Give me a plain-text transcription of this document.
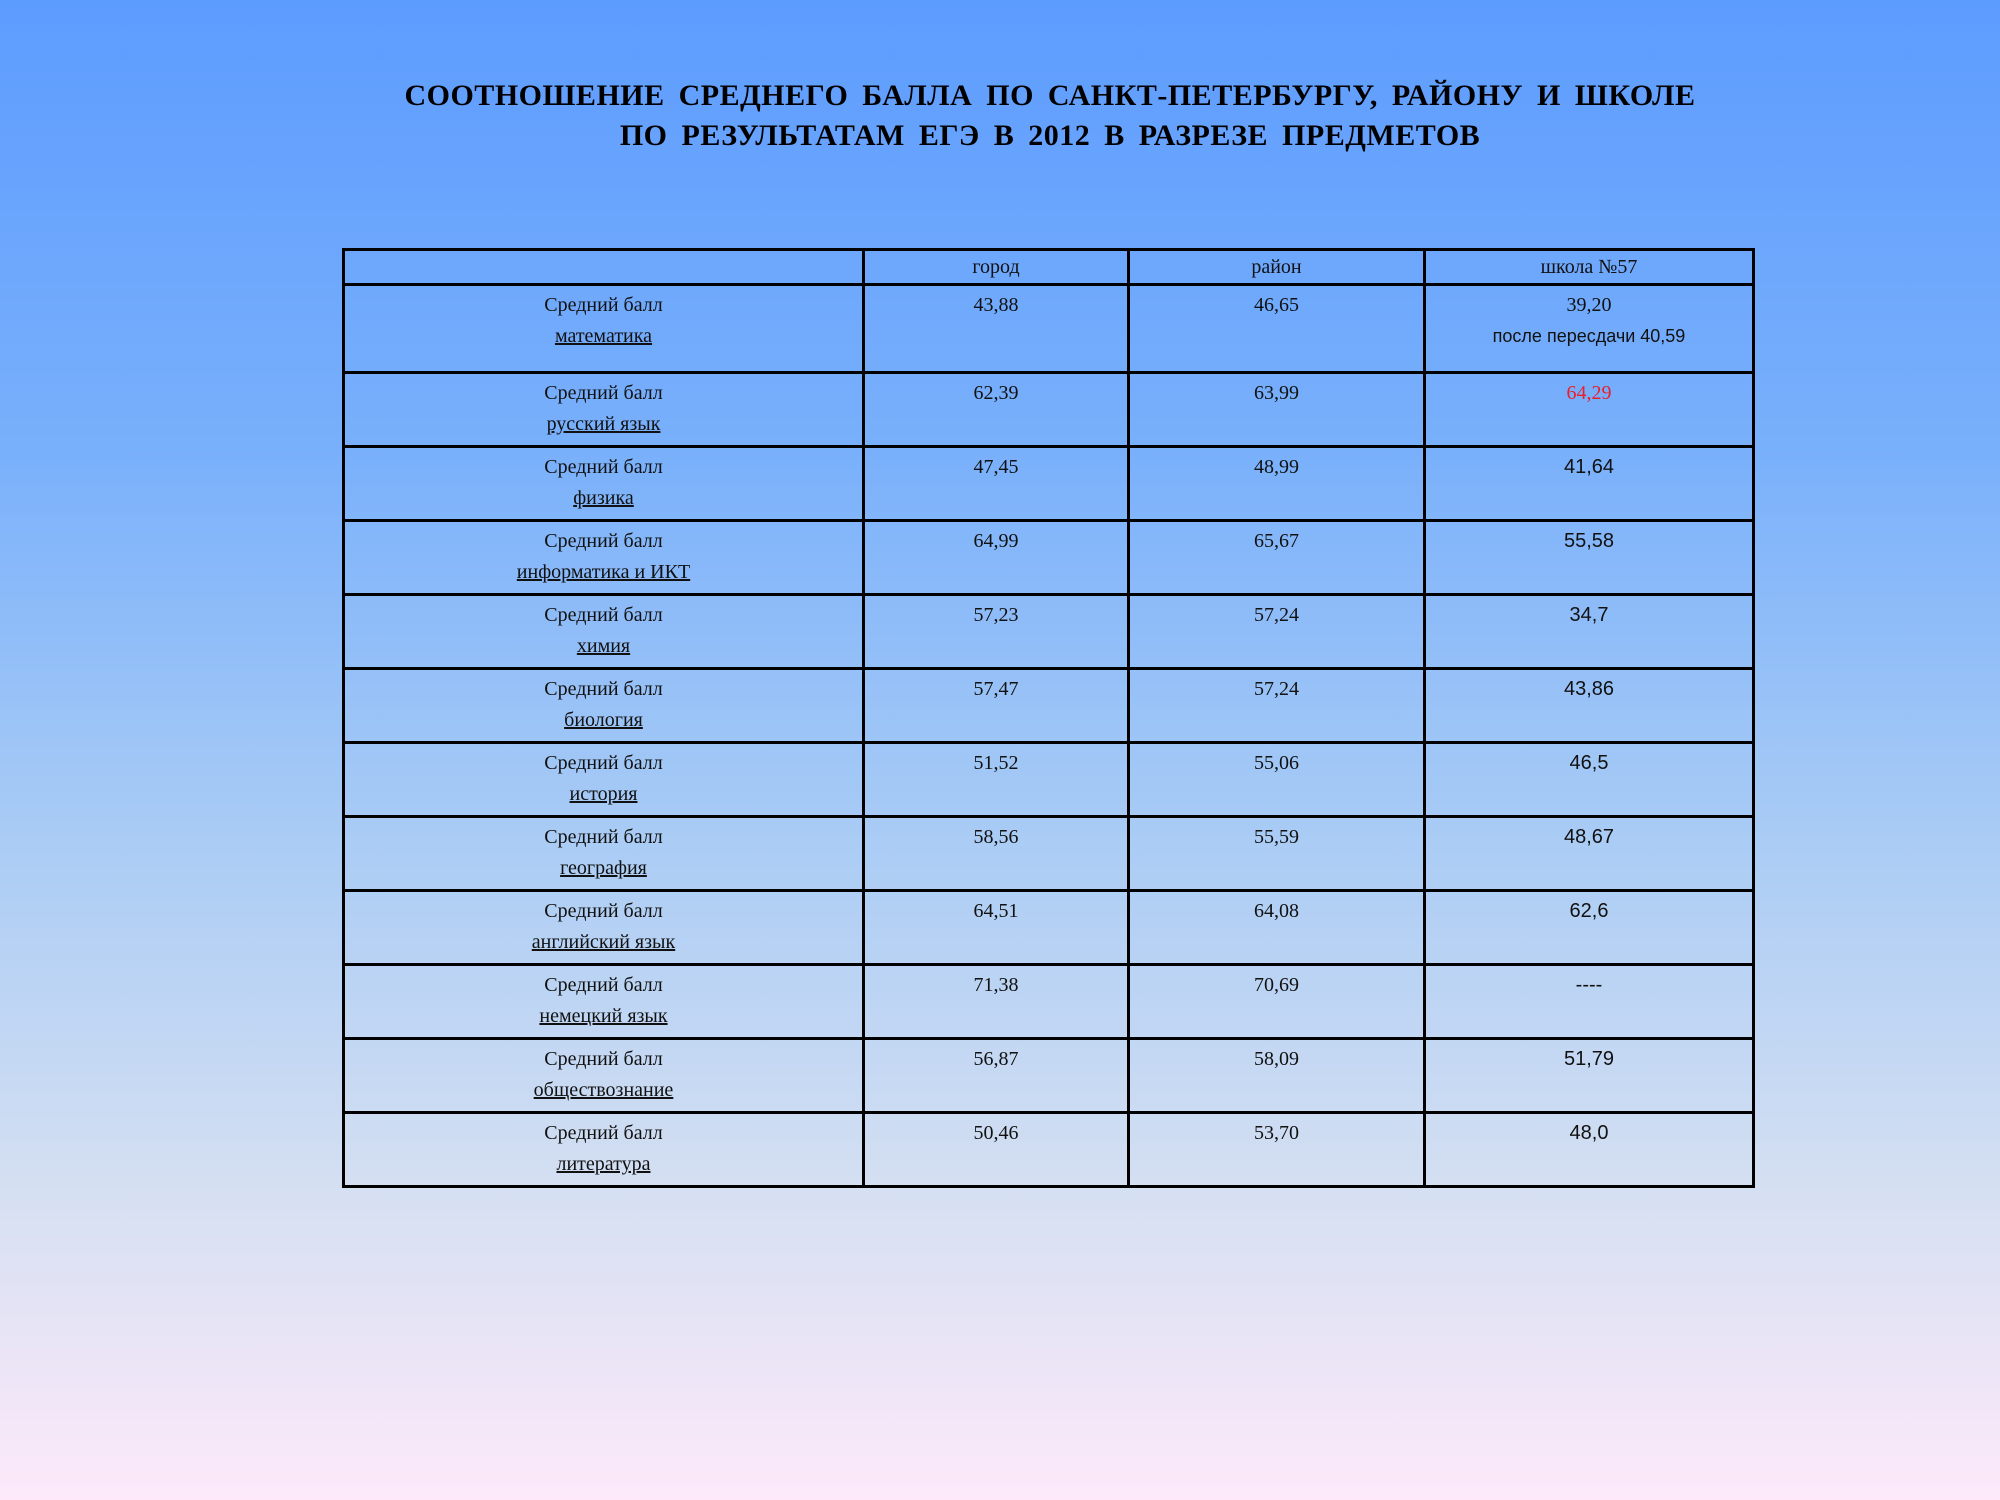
СООТНОШЕНИЕ СРЕДНЕГО БАЛЛА ПО САНКТ-ПЕТЕРБУРГУ, РАЙОНУ И ШКОЛЕ
ПО РЕЗУЛЬТАТАМ ЕГЭ В 2012 В РАЗРЕЗЕ ПРЕДМЕТОВ
	город	район	школа №57

Средний балл
математика	43,88	46,65	39,20
после пересдачи 40,59

Средний балл
русский язык	62,39	63,99	64,29

Средний балл
физика	47,45	48,99	41,64

Средний балл
информатика и ИКТ	64,99	65,67	55,58

Средний балл
химия	57,23	57,24	34,7

Средний балл
биология	57,47	57,24	43,86

Средний балл
история	51,52	55,06	46,5

Средний балл
география	58,56	55,59	48,67

Средний балл
английский язык	64,51	64,08	62,6

Средний балл
немецкий язык	71,38	70,69	----

Средний балл
обществознание	56,87	58,09	51,79

Средний балл
литература	50,46	53,70	48,0
